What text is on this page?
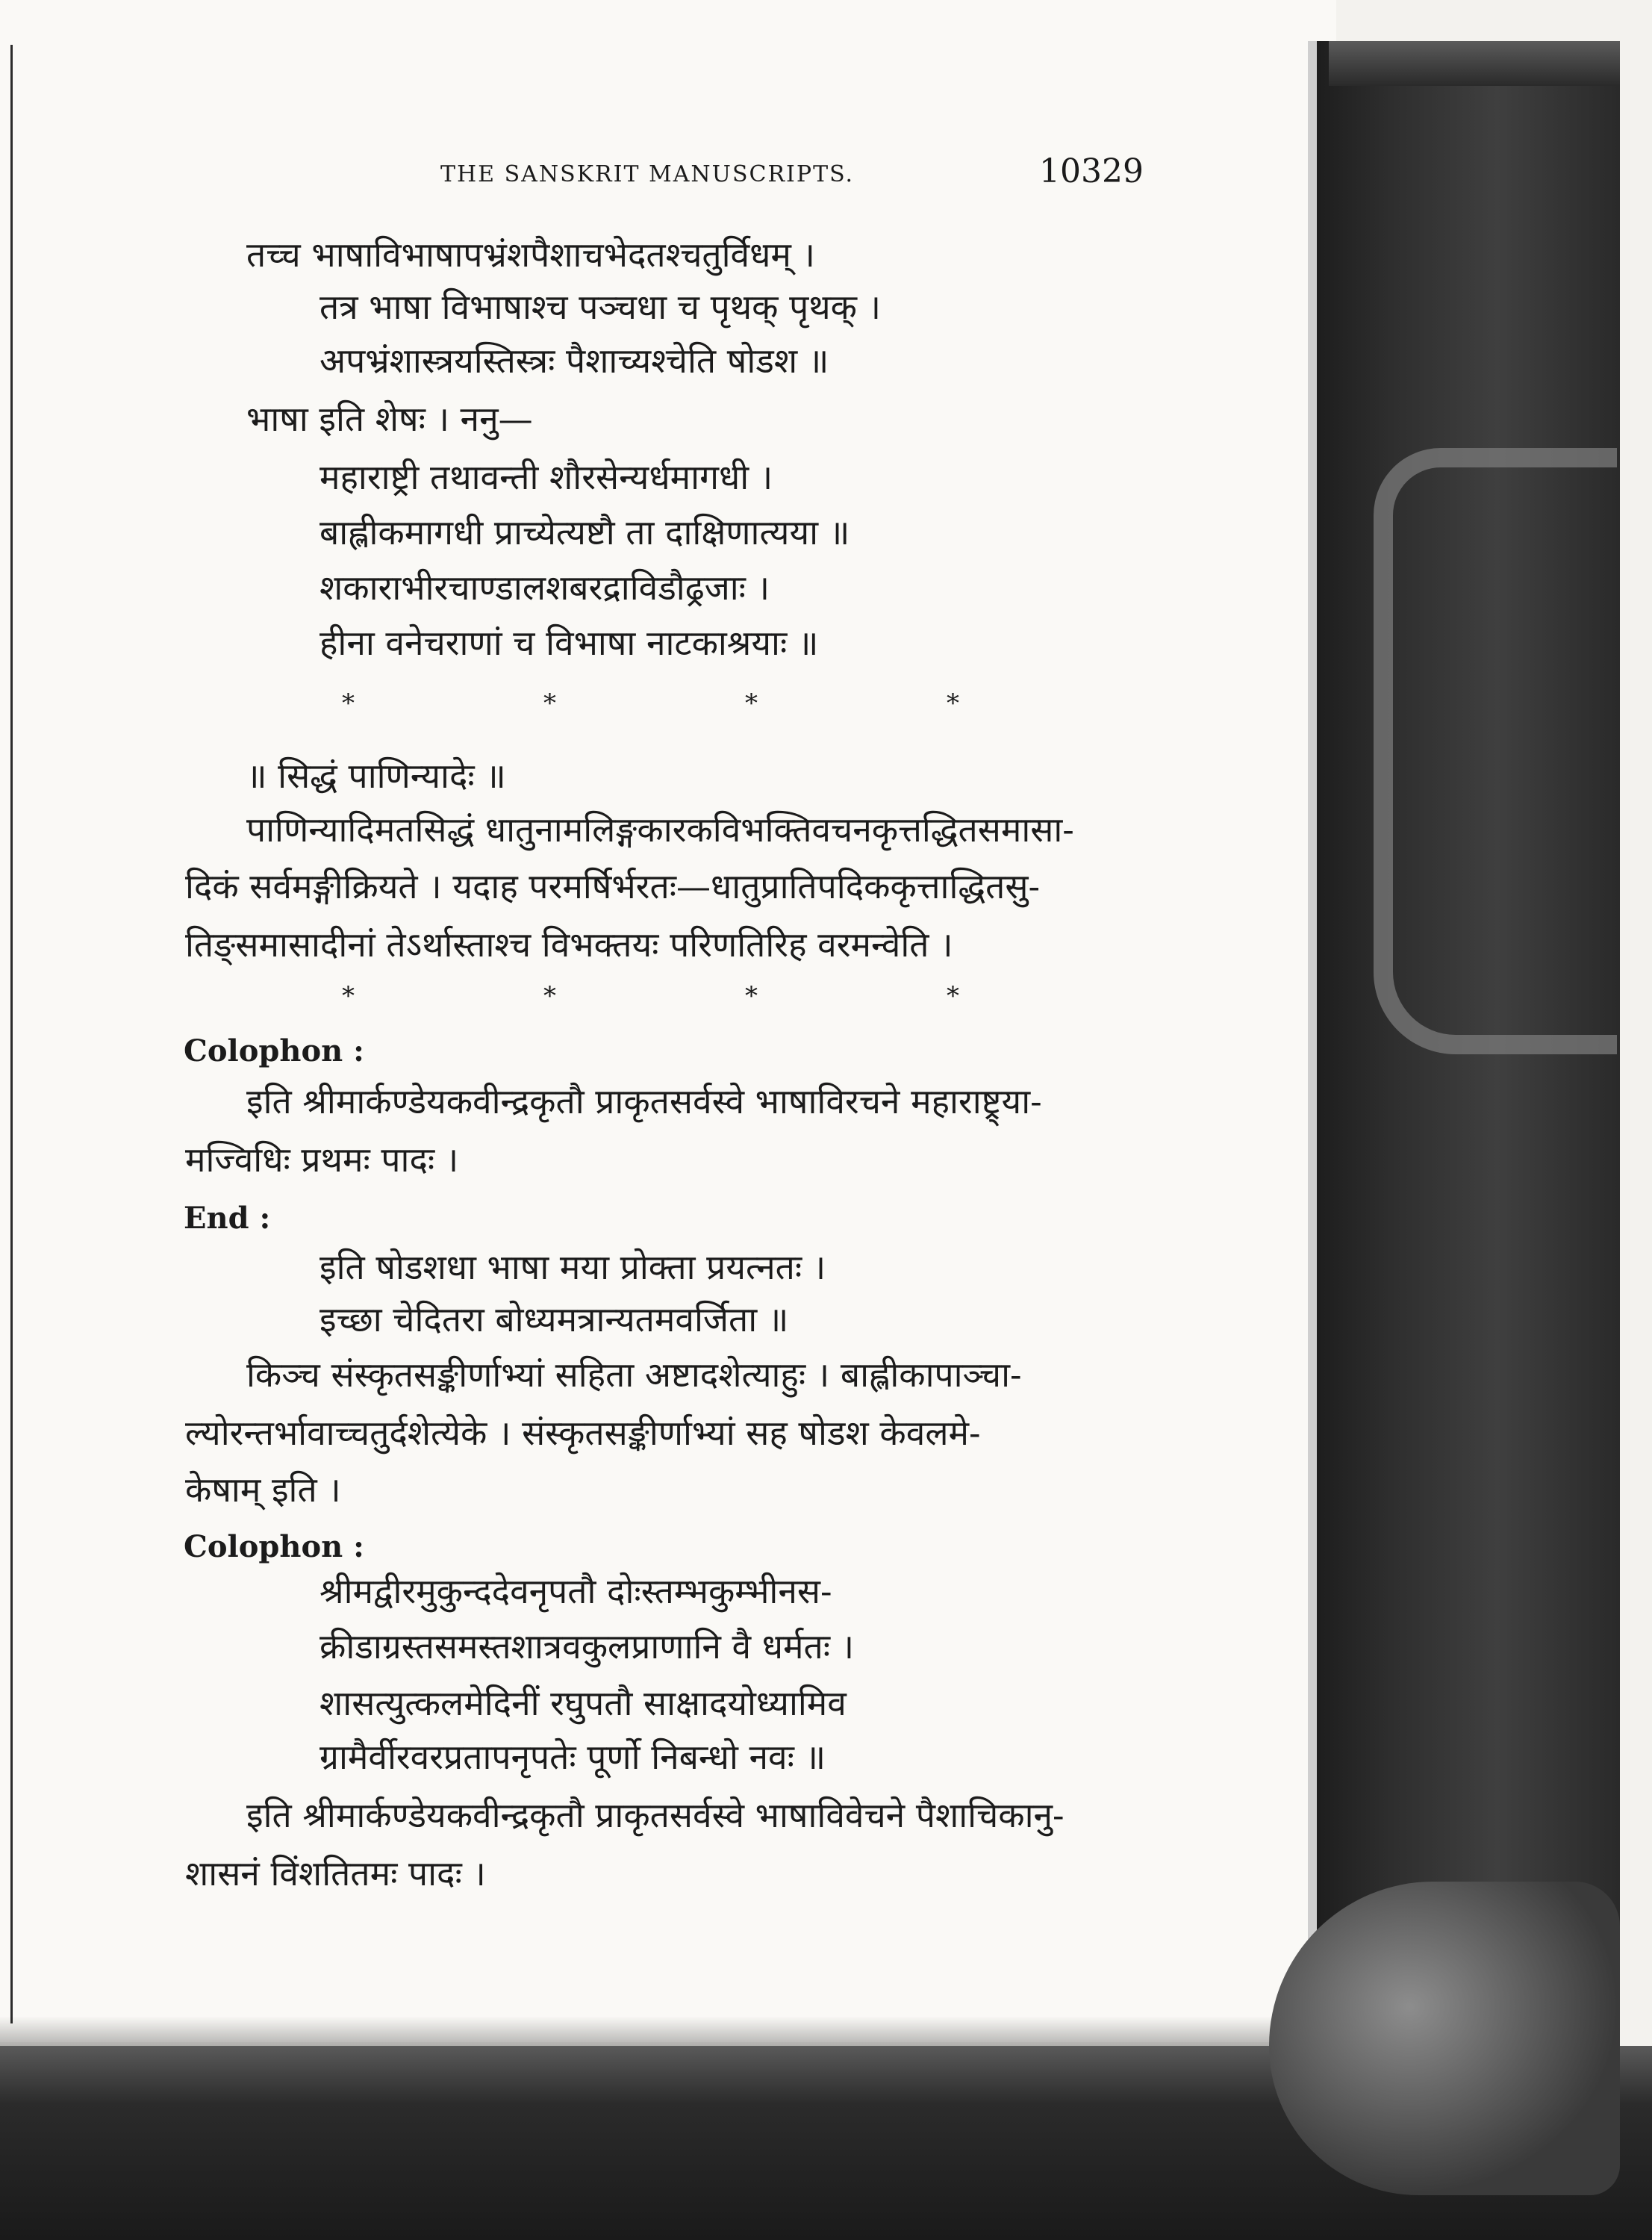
THE SANSKRIT MANUSCRIPTS.	10329
तच्च भाषाविभाषापभ्रंशपैशाचभेदतश्चतुर्विधम् ।
तत्र भाषा विभाषाश्च पञ्चधा च पृथक् पृथक् ।
अपभ्रंशास्त्रयस्तिस्त्रः पैशाच्यश्चेति षोडश ॥
भाषा इति शेषः । ननु—
महाराष्ट्री तथावन्ती शौरसेन्यर्धमागधी ।
बाह्लीकमागधी प्राच्येत्यष्टौ ता दाक्षिणात्यया ॥
शकाराभीरचाण्डालशबरद्राविडौढ्रजाः ।
हीना वनेचराणां च विभाषा नाटकाश्रयाः ॥
*	*	*	*
॥ सिद्धं पाणिन्यादेः ॥
पाणिन्यादिमतसिद्धं धातुनामलिङ्गकारकविभक्तिवचनकृत्तद्धितसमासा-
दिकं सर्वमङ्गीक्रियते । यदाह परमर्षिर्भरतः—धातुप्रातिपदिककृत्ताद्धितसु-
तिङ्समासादीनां तेऽर्थास्ताश्च विभक्तयः परिणतिरिह वरमन्वेति ।
*	*	*	*
Colophon :
इति श्रीमार्कण्डेयकवीन्द्रकृतौ प्राकृतसर्वस्वे भाषाविरचने महाराष्ट्र्या-
मज्विधिः प्रथमः पादः ।
End :
इति षोडशधा भाषा मया प्रोक्ता प्रयत्नतः ।
इच्छा चेदितरा बोध्यमत्रान्यतमवर्जिता ॥
किञ्च संस्कृतसङ्कीर्णाभ्यां सहिता अष्टादशेत्याहुः । बाह्लीकापाञ्चा-
ल्योरन्तर्भावाच्चतुर्दशेत्येके । संस्कृतसङ्कीर्णाभ्यां सह षोडश केवलमे-
केषाम् इति ।
Colophon :
श्रीमद्वीरमुकुन्ददेवनृपतौ दोःस्तम्भकुम्भीनस-
क्रीडाग्रस्तसमस्तशात्रवकुलप्राणानि वै धर्मतः ।
शासत्युत्कलमेदिनीं रघुपतौ साक्षादयोध्यामिव
ग्रामैर्वीरवरप्रतापनृपतेः पूर्णो निबन्धो नवः ॥
इति श्रीमार्कण्डेयकवीन्द्रकृतौ प्राकृतसर्वस्वे भाषाविवेचने पैशाचिकानु-
शासनं विंशतितमः पादः ।
